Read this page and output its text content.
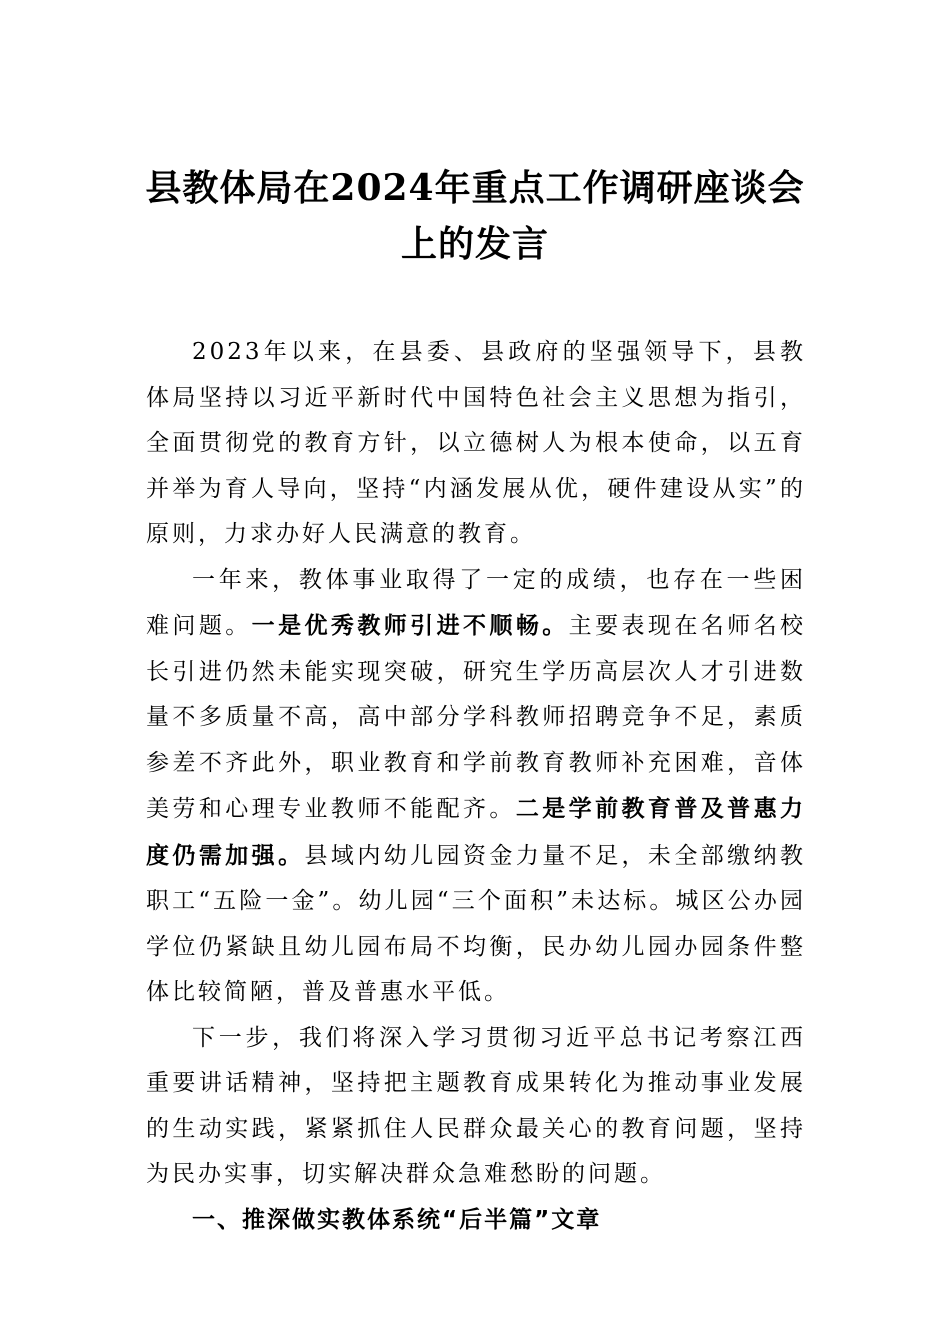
县教体局在2024年重点工作调研座谈会上的发言

2023年以来，在县委、县政府的坚强领导下，县教体局坚持以习近平新时代中国特色社会主义思想为指引，全面贯彻党的教育方针，以立德树人为根本使命，以五育并举为育人导向，坚持“内涵发展从优，硬件建设从实”的原则，力求办好人民满意的教育。

一年来，教体事业取得了一定的成绩，也存在一些困难问题。一是优秀教师引进不顺畅。主要表现在名师名校长引进仍然未能实现突破，研究生学历高层次人才引进数量不多质量不高，高中部分学科教师招聘竞争不足，素质参差不齐此外，职业教育和学前教育教师补充困难，音体美劳和心理专业教师不能配齐。二是学前教育普及普惠力度仍需加强。县域内幼儿园资金力量不足，未全部缴纳教职工“五险一金”。幼儿园“三个面积”未达标。城区公办园学位仍紧缺且幼儿园布局不均衡，民办幼儿园办园条件整体比较简陋，普及普惠水平低。

下一步，我们将深入学习贯彻习近平总书记考察江西重要讲话精神，坚持把主题教育成果转化为推动事业发展的生动实践，紧紧抓住人民群众最关心的教育问题，坚持为民办实事，切实解决群众急难愁盼的问题。

一、推深做实教体系统“后半篇”文章
